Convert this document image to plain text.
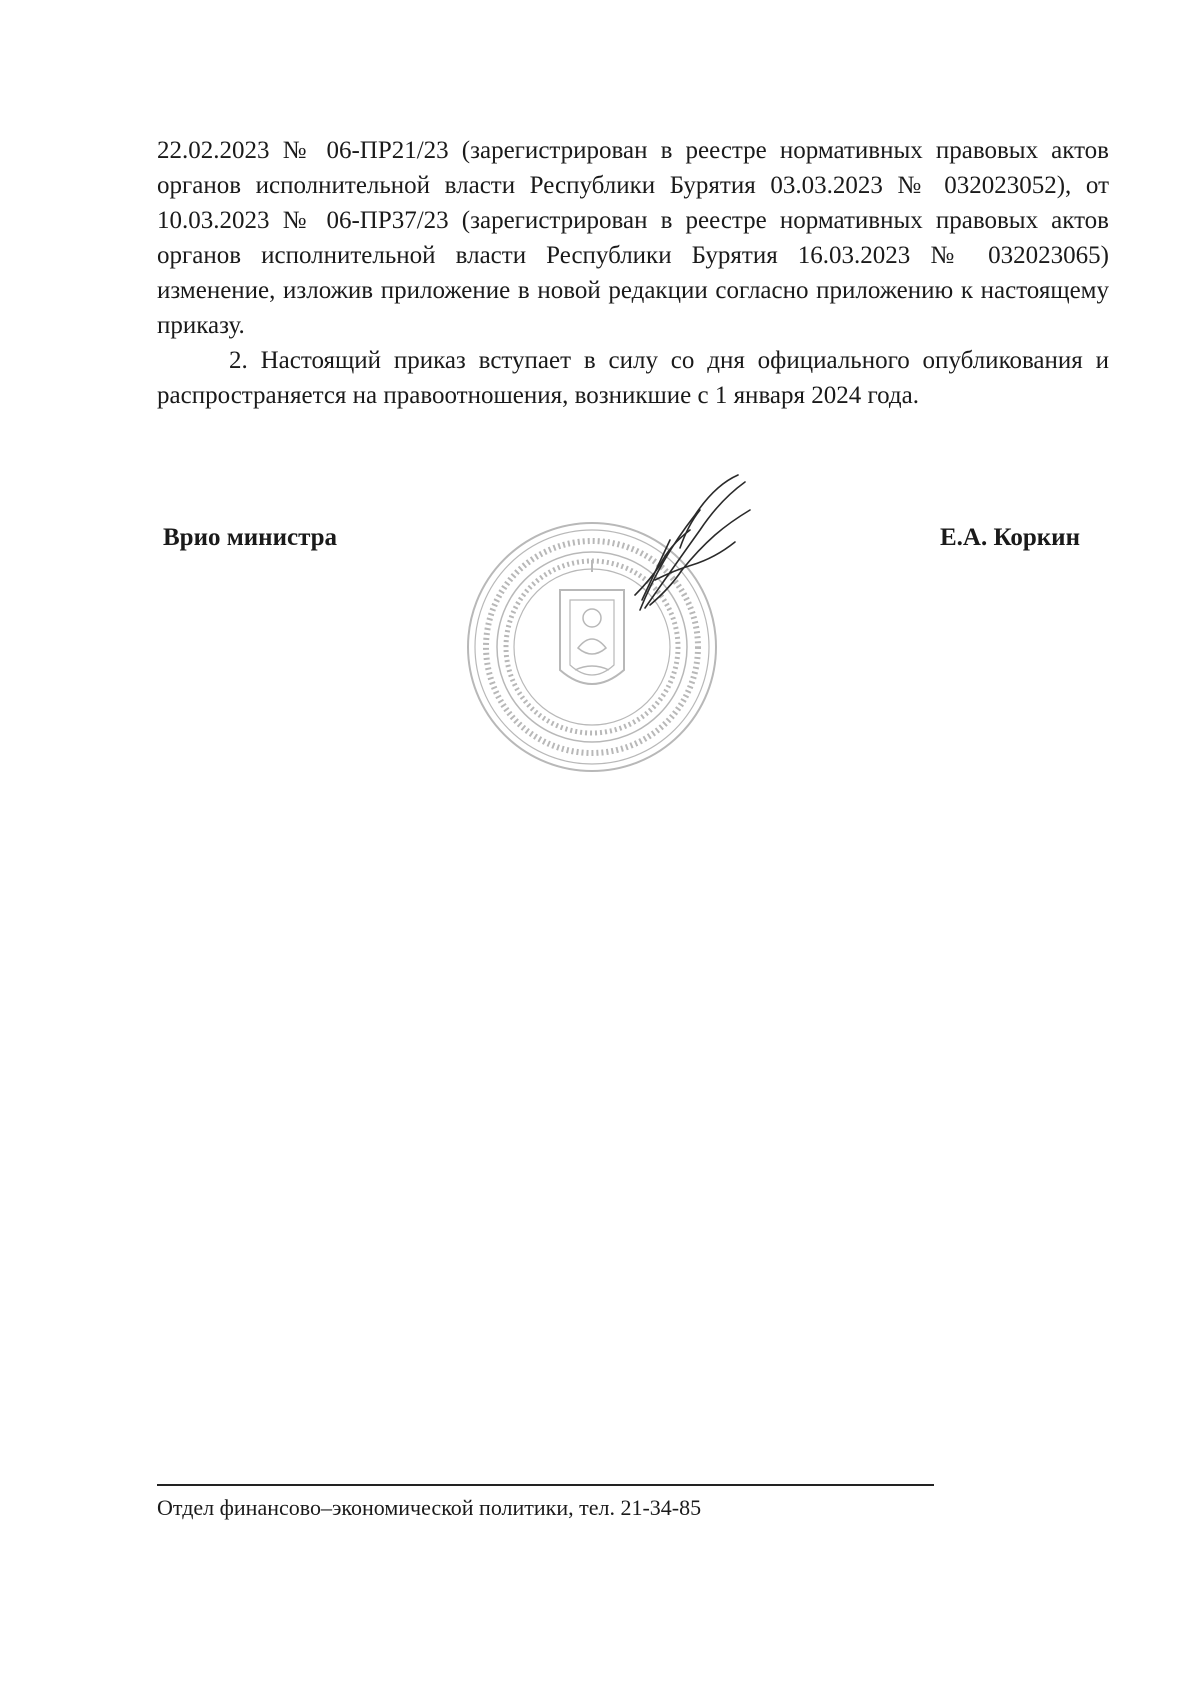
22.02.2023 № 06-ПР21/23 (зарегистрирован в реестре нормативных правовых актов органов исполнительной власти Республики Бурятия 03.03.2023 № 032023052), от 10.03.2023 № 06-ПР37/23 (зарегистрирован в реестре нормативных правовых актов органов исполнительной власти Республики Бурятия 16.03.2023 № 032023065) изменение, изложив приложение в новой редакции согласно приложению к настоящему приказу.

2. Настоящий приказ вступает в силу со дня официального опубликования и распространяется на правоотношения, возникшие с 1 января 2024 года.

Врио министра	Е.А. Коркин
Отдел финансово–экономической политики, тел. 21-34-85
